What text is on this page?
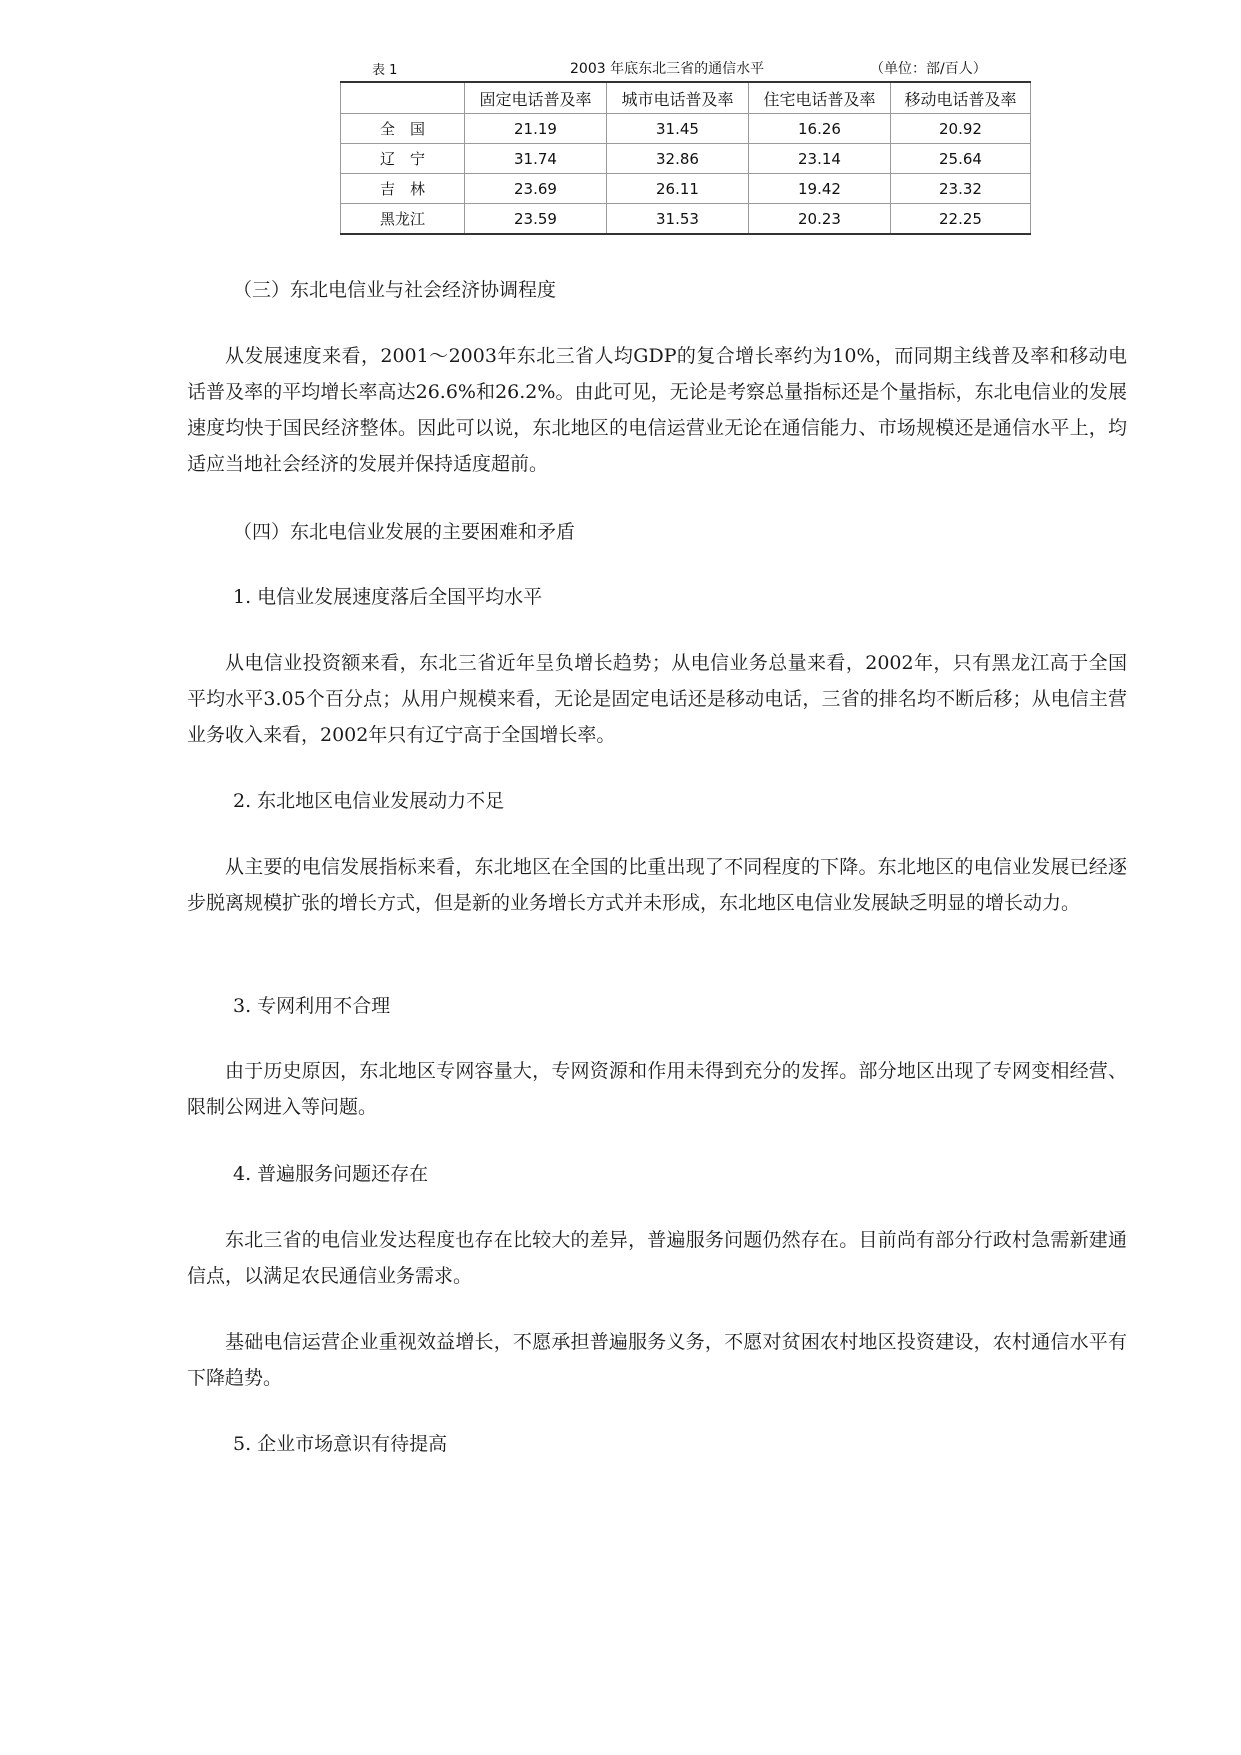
表 1	2003 年底东北三省的通信水平	（单位：部/百人）
	固定电话普及率	城市电话普及率	住宅电话普及率	移动电话普及率
全　国	21.19	31.45	16.26	20.92
辽　宁	31.74	32.86	23.14	25.64
吉　林	23.69	26.11	19.42	23.32
黑龙江	23.59	31.53	20.23	22.25

（三）东北电信业与社会经济协调程度

从发展速度来看，2001～2003年东北三省人均GDP的复合增长率约为10%，而同期主线普及率和移动电话普及率的平均增长率高达26.6%和26.2%。由此可见，无论是考察总量指标还是个量指标，东北电信业的发展速度均快于国民经济整体。因此可以说，东北地区的电信运营业无论在通信能力、市场规模还是通信水平上，均适应当地社会经济的发展并保持适度超前。

（四）东北电信业发展的主要困难和矛盾

1. 电信业发展速度落后全国平均水平

从电信业投资额来看，东北三省近年呈负增长趋势；从电信业务总量来看，2002年，只有黑龙江高于全国平均水平3.05个百分点；从用户规模来看，无论是固定电话还是移动电话，三省的排名均不断后移；从电信主营业务收入来看，2002年只有辽宁高于全国增长率。

2. 东北地区电信业发展动力不足

从主要的电信发展指标来看，东北地区在全国的比重出现了不同程度的下降。东北地区的电信业发展已经逐步脱离规模扩张的增长方式，但是新的业务增长方式并未形成，东北地区电信业发展缺乏明显的增长动力。

3. 专网利用不合理

由于历史原因，东北地区专网容量大，专网资源和作用未得到充分的发挥。部分地区出现了专网变相经营、限制公网进入等问题。

4. 普遍服务问题还存在

东北三省的电信业发达程度也存在比较大的差异，普遍服务问题仍然存在。目前尚有部分行政村急需新建通信点，以满足农民通信业务需求。

基础电信运营企业重视效益增长，不愿承担普遍服务义务，不愿对贫困农村地区投资建设，农村通信水平有下降趋势。

5. 企业市场意识有待提高
